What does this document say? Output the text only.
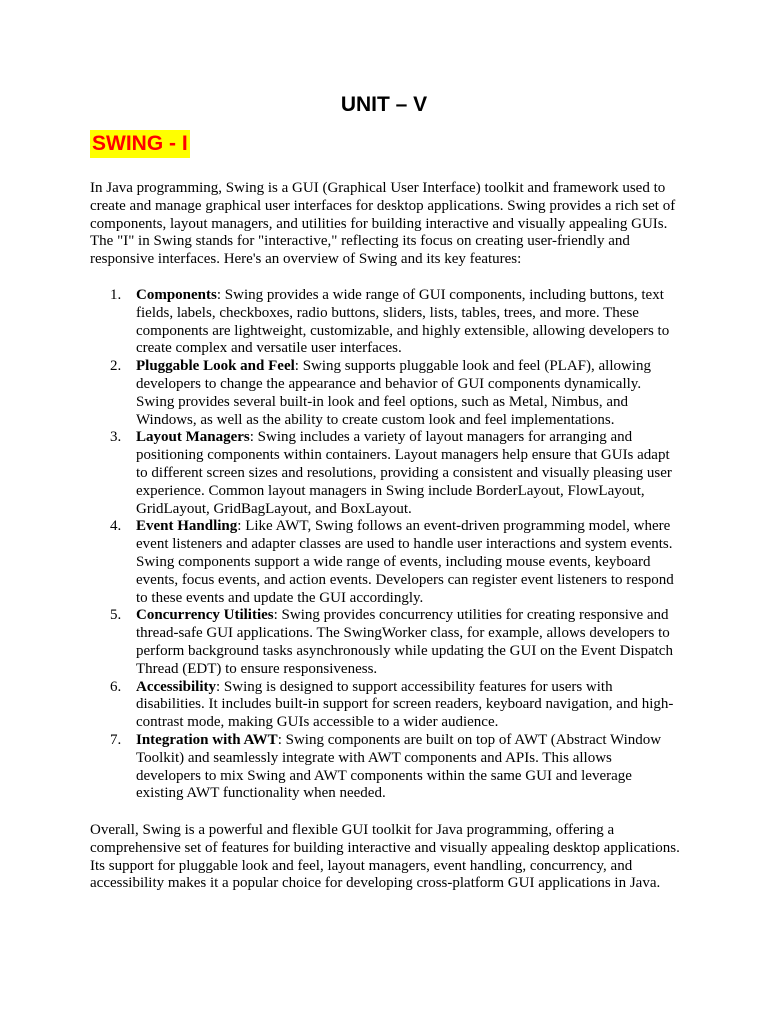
UNIT – V
SWING - I

In Java programming, Swing is a GUI (Graphical User Interface) toolkit and framework used to create and manage graphical user interfaces for desktop applications. Swing provides a rich set of components, layout managers, and utilities for building interactive and visually appealing GUIs. The "I" in Swing stands for "interactive," reflecting its focus on creating user-friendly and responsive interfaces. Here's an overview of Swing and its key features:

1. Components: Swing provides a wide range of GUI components, including buttons, text fields, labels, checkboxes, radio buttons, sliders, lists, tables, trees, and more. These components are lightweight, customizable, and highly extensible, allowing developers to create complex and versatile user interfaces.
2. Pluggable Look and Feel: Swing supports pluggable look and feel (PLAF), allowing developers to change the appearance and behavior of GUI components dynamically. Swing provides several built-in look and feel options, such as Metal, Nimbus, and Windows, as well as the ability to create custom look and feel implementations.
3. Layout Managers: Swing includes a variety of layout managers for arranging and positioning components within containers. Layout managers help ensure that GUIs adapt to different screen sizes and resolutions, providing a consistent and visually pleasing user experience. Common layout managers in Swing include BorderLayout, FlowLayout, GridLayout, GridBagLayout, and BoxLayout.
4. Event Handling: Like AWT, Swing follows an event-driven programming model, where event listeners and adapter classes are used to handle user interactions and system events. Swing components support a wide range of events, including mouse events, keyboard events, focus events, and action events. Developers can register event listeners to respond to these events and update the GUI accordingly.
5. Concurrency Utilities: Swing provides concurrency utilities for creating responsive and thread-safe GUI applications. The SwingWorker class, for example, allows developers to perform background tasks asynchronously while updating the GUI on the Event Dispatch Thread (EDT) to ensure responsiveness.
6. Accessibility: Swing is designed to support accessibility features for users with disabilities. It includes built-in support for screen readers, keyboard navigation, and high-contrast mode, making GUIs accessible to a wider audience.
7. Integration with AWT: Swing components are built on top of AWT (Abstract Window Toolkit) and seamlessly integrate with AWT components and APIs. This allows developers to mix Swing and AWT components within the same GUI and leverage existing AWT functionality when needed.

Overall, Swing is a powerful and flexible GUI toolkit for Java programming, offering a comprehensive set of features for building interactive and visually appealing desktop applications. Its support for pluggable look and feel, layout managers, event handling, concurrency, and accessibility makes it a popular choice for developing cross-platform GUI applications in Java.
